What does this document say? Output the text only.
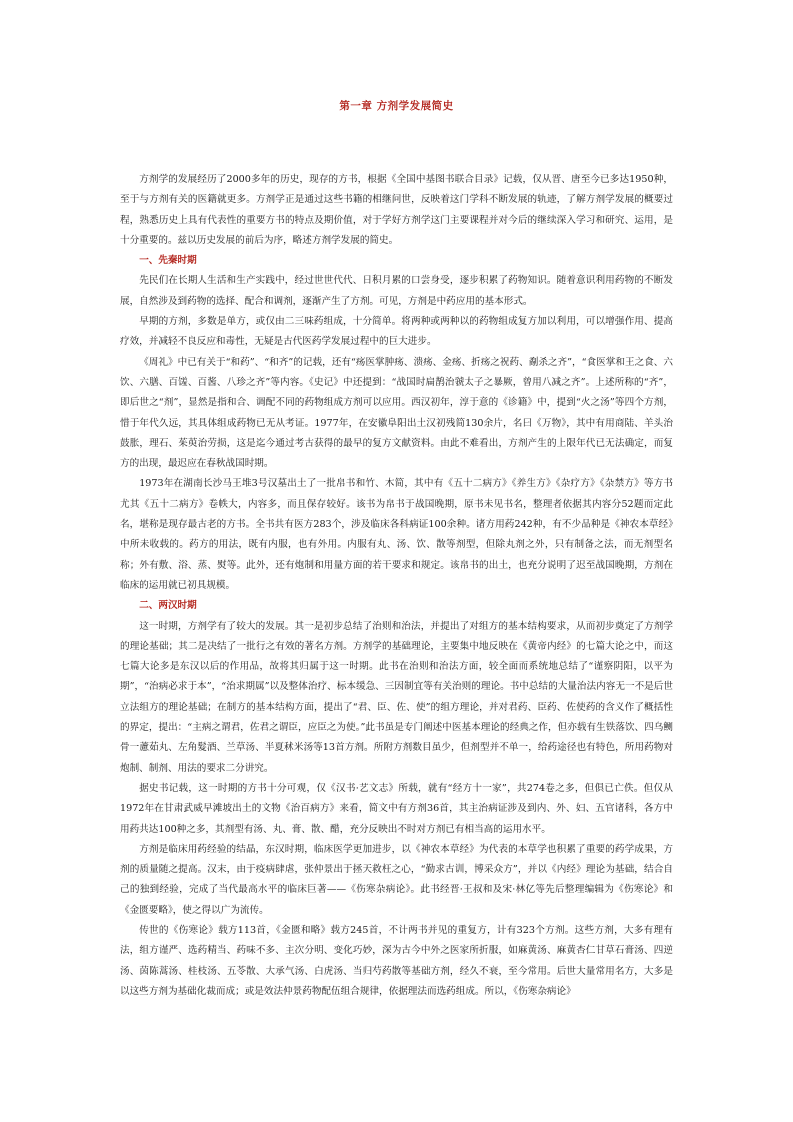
第一章 方剂学发展简史

方剂学的发展经历了2000多年的历史，现存的方书，根据《全国中基图书联合目录》记载，仅从晋、唐至今已多达1950种，至于与方剂有关的医籍就更多。方剂学正是通过这些书籍的相继问世，反映着这门学科不断发展的轨迹，了解方剂学发展的概要过程，熟悉历史上具有代表性的重要方书的特点及期价值，对于学好方剂学这门主要课程并对今后的继续深入学习和研究、运用，是十分重要的。兹以历史发展的前后为序，略述方剂学发展的简史。

一、先秦时期

先民们在长期人生活和生产实践中，经过世世代代、日积月累的口尝身受，逐步积累了药物知识。随着意识利用药物的不断发展，自然涉及到药物的选择、配合和调剂，逐渐产生了方剂。可见，方剂是中药应用的基本形式。

早期的方剂，多数是单方，或仅由二三味药组成，十分简单。将两种或两种以的药物组成复方加以利用，可以增强作用、提高疗效，并减轻不良反应和毒性，无疑是古代医药学发展过程中的巨大进步。

《周礼》中已有关于“和药”、“和齐”的记载，还有“疡医掌肿疡、溃疡、金疡、折疡之祝药、劀杀之齐”，“食医掌和王之食、六饮、六膳、百馐、百酱、八珍之齐”等内容。《史记》中还提到：“战国时扁鹊治虢太子之暴厥，曾用八减之齐”。上述所称的“齐”，即后世之“剂”，显然是指和合、调配不同的药物组成方剂可以应用。西汉初年，淳于意的《诊籍》中，提到“火之汤”等四个方剂，惜于年代久远，其具体组成药物已无从考证。1977年，在安徽阜阳出土汉初残简130余片，名曰《万物》，其中有用商陆、羊头治鼓胀，理石、茱萸治劳损，这是迄今通过考古获得的最早的复方文献资料。由此不难看出，方剂产生的上限年代已无法确定，而复方的出现，最迟应在春秋战国时期。

1973年在湖南长沙马王堆3号汉墓出土了一批帛书和竹、木简，其中有《五十二病方》《养生方》《杂疗方》《杂禁方》等方书尤其《五十二病方》卷帙大，内容多，而且保存较好。该书为帛书于战国晚期，原书未见书名，整理者依据其内容分52题而定此名，堪称是现存最古老的方书。全书共有医方283个，涉及临床各科病证100余种。诸方用药242种，有不少品种是《神农本草经》中所未收载的。药方的用法，既有内服，也有外用。内服有丸、汤、饮、散等剂型，但除丸剂之外，只有制备之法，而无剂型名称；外有敷、浴、蒸、熨等。此外，还有炮制和用量方面的若干要求和规定。该帛书的出土，也充分说明了迟至战国晚期，方剂在临床的运用就已初具规模。

二、两汉时期

这一时期，方剂学有了较大的发展。其一是初步总结了治则和治法，并提出了对组方的基本结构要求，从而初步奠定了方剂学的理论基础；其二是决结了一批行之有效的著名方剂。方剂学的基础理论，主要集中地反映在《黄帝内经》的七篇大论之中，而这七篇大论多是东汉以后的作用品，故将其归属于这一时期。此书在治则和治法方面，较全面而系统地总结了“谨察阴阳，以平为期”，“治病必求于本”，“治求期属”以及整体治疗、标本缓急、三因制宜等有关治则的理论。书中总结的大量治法内容无一不是后世立法组方的理论基础；在制方的基本结构方面，提出了“君、臣、佐、使”的组方理论，并对君药、臣药、佐使药的含义作了概括性的界定，提出：“主病之谓君，佐君之谓臣，应臣之为使。”此书虽是专门阐述中医基本理论的经典之作，但亦载有生铁落饮、四乌鲗骨一藘茹丸、左角髮酒、兰草汤、半夏秫米汤等13首方剂。所附方剂数目虽少，但剂型并不单一，给药途径也有特色，所用药物对炮制、制剂、用法的要求二分讲究。

据史书记载，这一时期的方书十分可观，仅《汉书·艺文志》所载，就有“经方十一家”，共274卷之多，但俱已亡佚。但仅从1972年在甘肃武威早滩坡出土的文物《治百病方》来看，简文中有方剂36首，其主治病证涉及到内、外、妇、五官诸科，各方中用药共达100种之多，其剂型有汤、丸、膏、散、醋，充分反映出不时对方剂已有相当高的运用水平。

方剂是临床用药经验的结晶，东汉时期，临床医学更加进步，以《神农本草经》为代表的本草学也积累了重要的药学成果，方剂的质量随之提高。汉末，由于疫病肆虐，张仲景出于拯天救枉之心，“勤求古训，博采众方”，并以《内经》理论为基础，结合自己的独到经验，完成了当代最高水平的临床巨著——《伤寒杂病论》。此书经晋·王叔和及宋·林亿等先后整理编辑为《伤寒论》和《金匮要略》，使之得以广为流传。

传世的《伤寒论》载方113首，《金匮和略》载方245首，不计两书并见的重复方，计有323个方剂。这些方剂，大多有理有法，组方谨严、选药精当、药味不多、主次分明、变化巧妙，深为古今中外之医家所折服，如麻黄汤、麻黄杏仁甘草石膏汤、四逆汤、茵陈蒿汤、桂枝汤、五苓散、大承气汤、白虎汤、当归芍药散等基础方剂，经久不衰，至今常用。后世大量常用名方，大多是以这些方剂为基础化裁而成；或是效法仲景药物配伍组合规律，依据理法而选药组成。所以，《伤寒杂病论》
